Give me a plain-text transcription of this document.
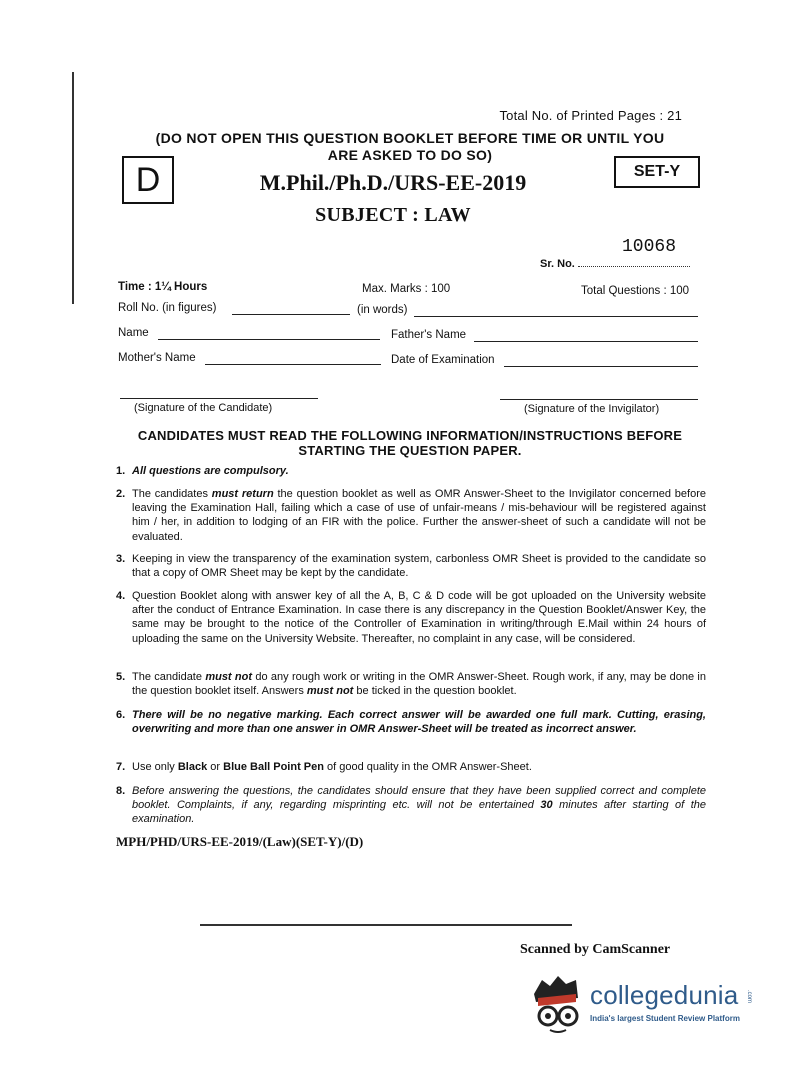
Total No. of Printed Pages : 21
(DO NOT OPEN THIS QUESTION BOOKLET BEFORE TIME OR UNTIL YOU
ARE ASKED TO DO SO)
D	SET-Y
M.Phil./Ph.D./URS-EE-2019
SUBJECT : LAW
10068
Sr. No.
Time : 1¼ Hours	Max. Marks : 100	Total Questions : 100
Roll No. (in figures)	(in words)
Name	Father's Name
Mother's Name	Date of Examination
(Signature of the Candidate)	(Signature of the Invigilator)
CANDIDATES MUST READ THE FOLLOWING INFORMATION/INSTRUCTIONS BEFORE
STARTING THE QUESTION PAPER.
1. All questions are compulsory.
2. The candidates must return the question booklet as well as OMR Answer-Sheet to the Invigilator concerned before leaving the Examination Hall, failing which a case of use of unfair-means / mis-behaviour will be registered against him / her, in addition to lodging of an FIR with the police. Further the answer-sheet of such a candidate will not be evaluated.
3. Keeping in view the transparency of the examination system, carbonless OMR Sheet is provided to the candidate so that a copy of OMR Sheet may be kept by the candidate.
4. Question Booklet along with answer key of all the A, B, C & D code will be got uploaded on the University website after the conduct of Entrance Examination. In case there is any discrepancy in the Question Booklet/Answer Key, the same may be brought to the notice of the Controller of Examination in writing/through E.Mail within 24 hours of uploading the same on the University Website. Thereafter, no complaint in any case, will be considered.
5. The candidate must not do any rough work or writing in the OMR Answer-Sheet. Rough work, if any, may be done in the question booklet itself. Answers must not be ticked in the question booklet.
6. There will be no negative marking. Each correct answer will be awarded one full mark. Cutting, erasing, overwriting and more than one answer in OMR Answer-Sheet will be treated as incorrect answer.
7. Use only Black or Blue Ball Point Pen of good quality in the OMR Answer-Sheet.
8. Before answering the questions, the candidates should ensure that they have been supplied correct and complete booklet. Complaints, if any, regarding misprinting etc. will not be entertained 30 minutes after starting of the examination.
MPH/PHD/URS-EE-2019/(Law)(SET-Y)/(D)
Scanned by CamScanner
collegedunia .com
India's largest Student Review Platform
